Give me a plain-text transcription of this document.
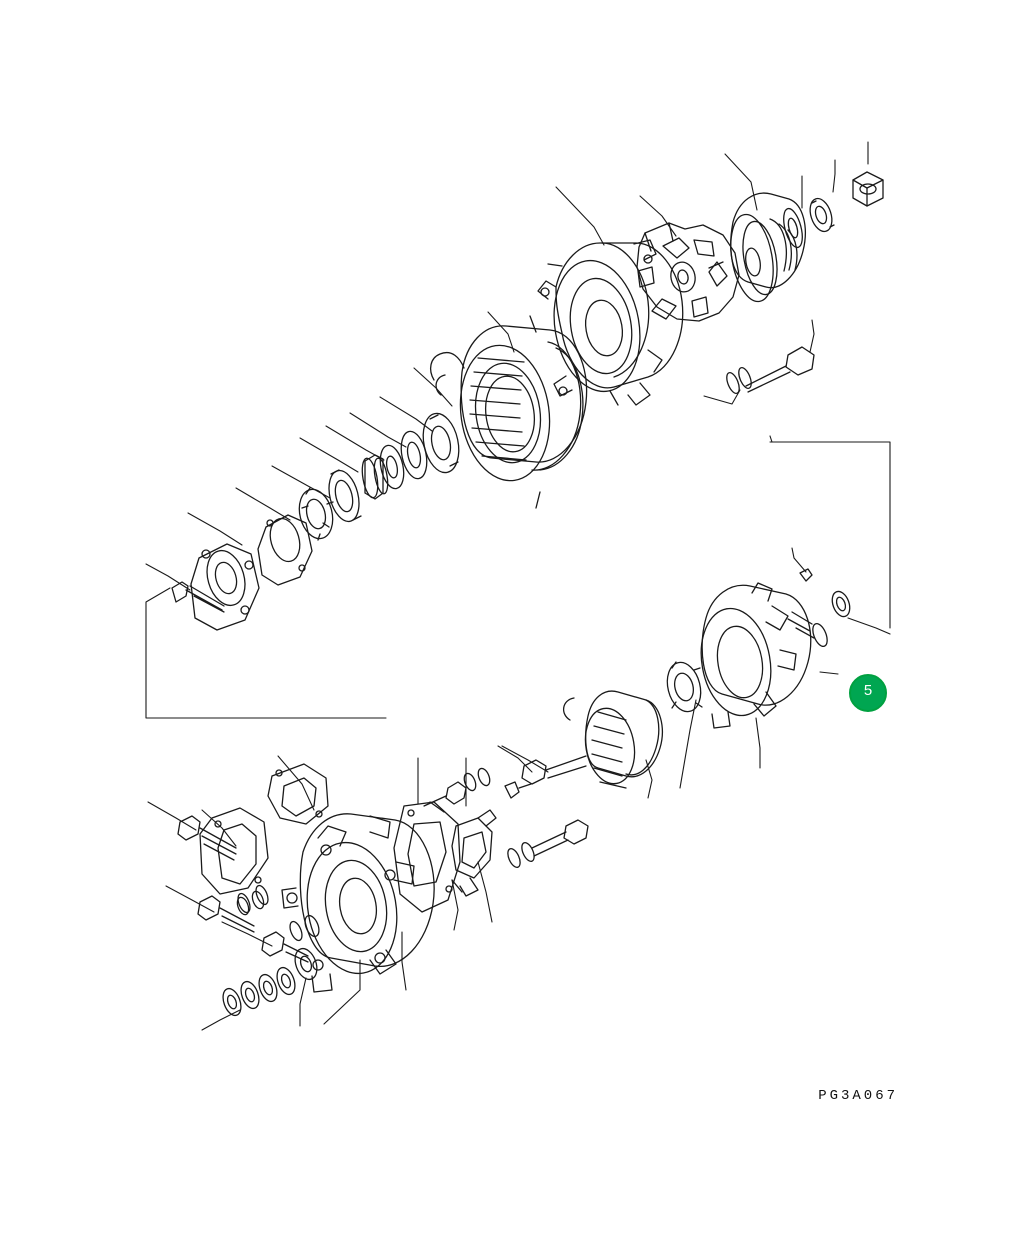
5
PG3A067
